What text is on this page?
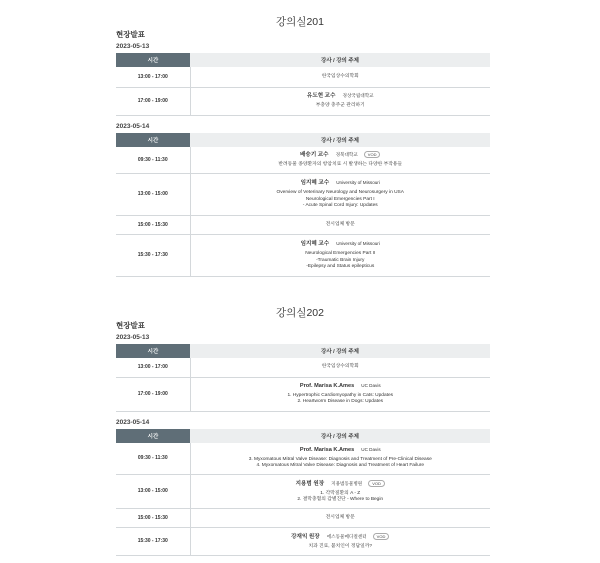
강의실201
현장발표
2023-05-13
시간	강사 / 강의 주제
13:00 - 17:00	한국임상수의학회

17:00 - 19:00	유도현 교수 경상국립대학교
부충양 충주군 관리하기
2023-05-14
시간	강사 / 강의 주제
09:30 - 11:30	배승기 교수 경북대학교 VOD
반려동물 종양환자의 항암치료 시 발생하는 다양한 부작용들

13:00 - 15:00	임지혜 교수 University of Missouri
Overview of Veterinary Neurology and Neurosurgery in USA
Neurological Emergencies Part I
- Acute Spinal Cord Injury: Updates

15:00 - 15:30	전시업체 방문

15:30 - 17:30	임지혜 교수 University of Missouri
Neurological Emergencies Part II
-Traumatic Brain Injury
-Epilepsy and Status epilepticus
강의실202
현장발표
2023-05-13
시간	강사 / 강의 주제
13:00 - 17:00	한국임상수의학회

17:00 - 19:00	Prof. Marisa K.Ames UC Davis
1. Hypertrophic Cardiomyopathy in Cats: Updates
2. Heartworm Disease in Dogs: Updates
2023-05-14
시간	강사 / 강의 주제
09:30 - 11:30	Prof. Marisa K.Ames UC Davis
3. Myxomatous Mitral Valve Disease: Diagnosis and Treatment of Pre-Clinical Disease
4. Myxomatous Mitral Valve Disease: Diagnosis and Treatment of Heart Failure

13:00 - 15:00	지용범 원장 지용범동물병원 VOD
1. 각막질환의 A - Z
2. 결막충혈의 감별진단 - Where to Begin

15:00 - 15:30	전시업체 방문

15:30 - 17:30	강재익 원장 에스동물메디컬센터 VOD
치과 진료, 불치인이 정답일까?
